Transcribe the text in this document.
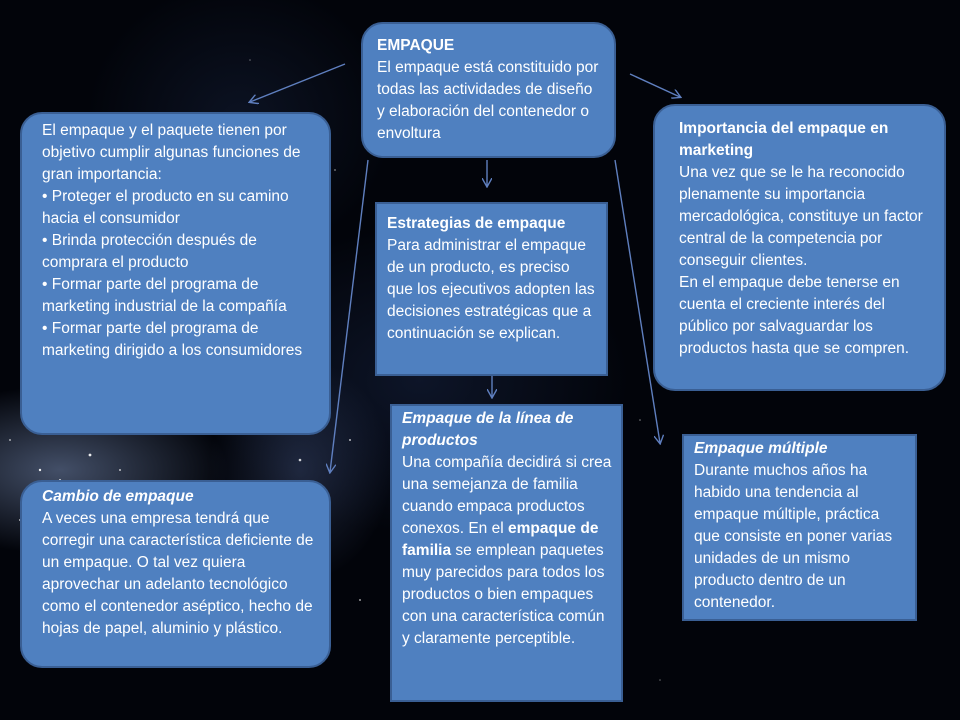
EMPAQUE

El empaque está constituido por todas las actividades de diseño y elaboración del contenedor o envoltura

El empaque y el paquete tienen por objetivo cumplir algunas funciones de gran importancia:

• Proteger el producto en su camino hacia el consumidor

• Brinda protección después de comprara el producto

• Formar parte del programa de marketing industrial de la compañía

• Formar parte del programa de marketing dirigido a los consumidores

Importancia del empaque en marketing

Una vez que se le ha reconocido plenamente su importancia mercadológica, constituye un factor central de la competencia por conseguir clientes.

En el empaque debe tenerse en cuenta el creciente interés del público por salvaguardar los productos hasta que se compren.

Estrategias de empaque

Para administrar el empaque de un producto, es preciso que los ejecutivos adopten las decisiones estratégicas que a continuación se explican.

Empaque de la línea de productos

Una compañía decidirá si crea una semejanza de familia cuando empaca productos conexos. En el empaque de familia se emplean paquetes muy parecidos para todos los productos o bien empaques con una característica común y claramente perceptible.

Cambio de empaque

A veces una empresa tendrá que corregir una característica deficiente de un empaque. O tal vez quiera aprovechar un adelanto tecnológico como el contenedor aséptico, hecho de hojas de papel, aluminio y plástico.

Empaque múltiple

Durante muchos años ha habido una tendencia al empaque múltiple, práctica que consiste en poner varias unidades de un mismo producto dentro de un contenedor.
